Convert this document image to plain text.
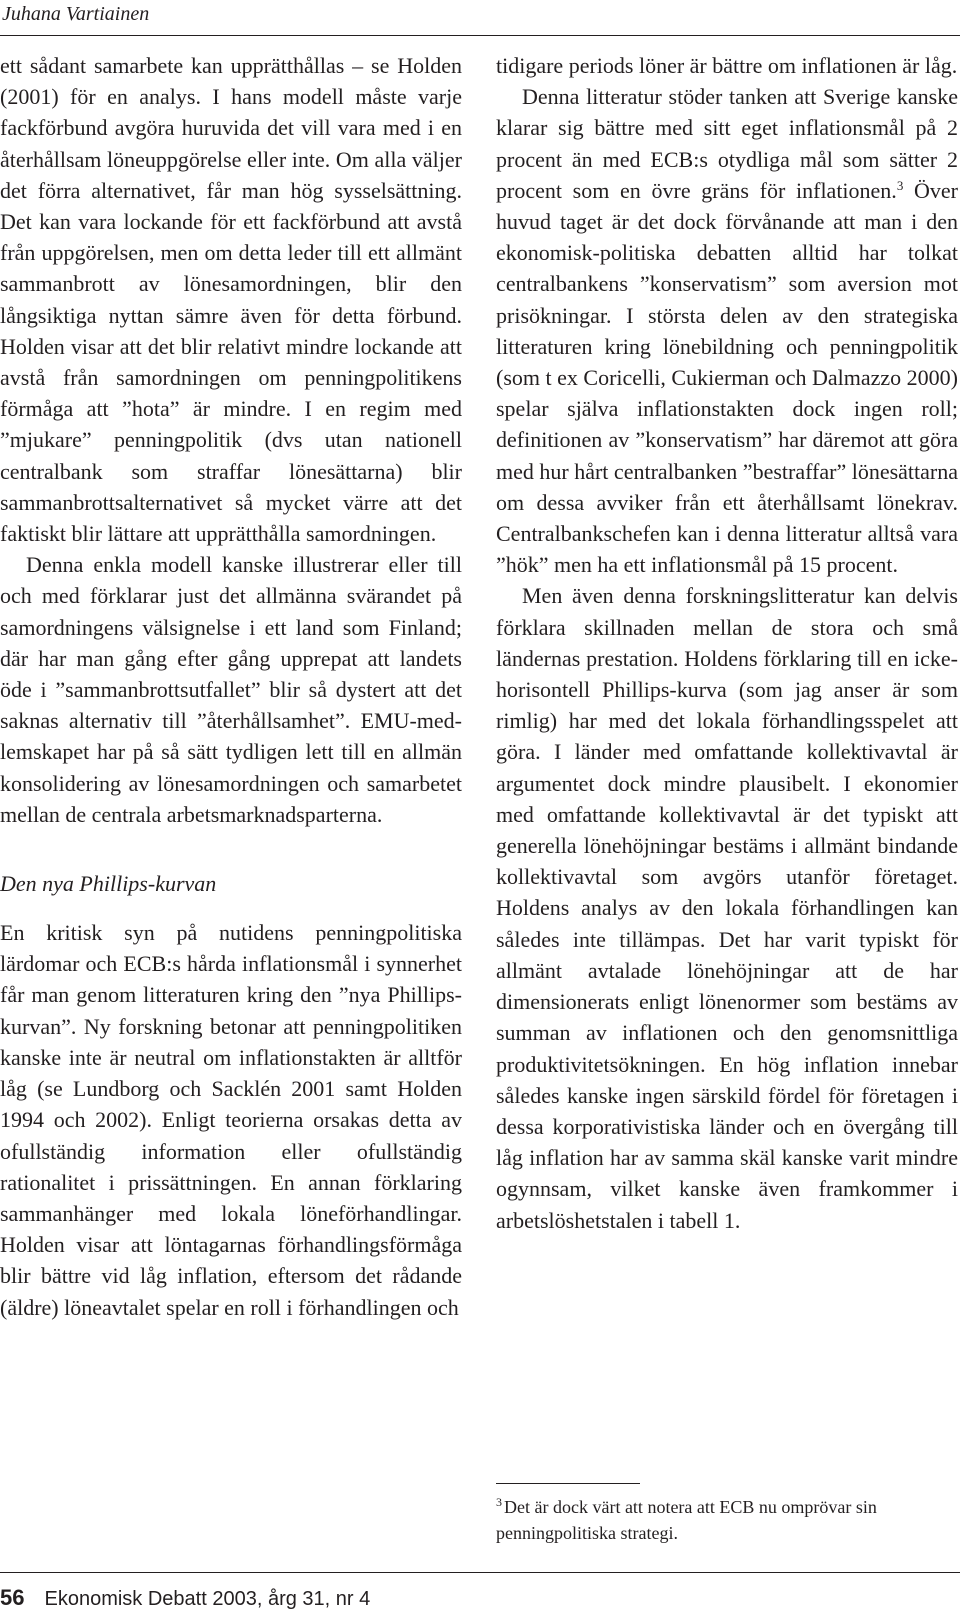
Juhana Vartiainen

ett sådant samarbete kan upprätthållas – se Holden (2001) för en analys. I hans modell måste varje fackförbund avgöra huruvida det vill vara med i en återhållsam löneuppgörelse eller inte. Om alla väljer det förra alternativet, får man hög sysselsättning. Det kan vara lockande för ett fackförbund att avstå från uppgörelsen, men om detta leder till ett allmänt sammanbrott av lönesamordningen, blir den långsiktiga nyttan sämre även för detta förbund. Holden visar att det blir relativt mindre lockande att avstå från samordningen om penningpolitikens förmåga att ”hota” är mindre. I en regim med ”mjukare” penningpolitik (dvs utan nationell centralbank som straffar lönesättarna) blir sammanbrottsalternativet så mycket värre att det faktiskt blir lättare att upprätthålla samordningen.

Denna enkla modell kanske illustrerar eller till och med förklarar just det allmänna svärandet på samordningens välsignelse i ett land som Finland; där har man gång efter gång upprepat att landets öde i ”sammanbrottsutfallet” blir så dystert att det saknas alternativ till ”återhållsamhet”. EMU-medlemskapet har på så sätt tydligen lett till en allmän konsolidering av lönesamordningen och samarbetet mellan de centrala arbetsmarknadsparterna.

Den nya Phillips-kurvan

En kritisk syn på nutidens penningpolitiska lärdomar och ECB:s hårda inflationsmål i synnerhet får man genom litteraturen kring den ”nya Phillips-kurvan”. Ny forskning betonar att penningpolitiken kanske inte är neutral om inflationstakten är alltför låg (se Lundborg och Sacklén 2001 samt Holden 1994 och 2002). Enligt teorierna orsakas detta av ofullständig information eller ofullständig rationalitet i prissättningen. En annan förklaring sammanhänger med lokala löneförhandlingar. Holden visar att löntagarnas förhandlingsförmåga blir bättre vid låg inflation, eftersom det rådande (äldre) löneavtalet spelar en roll i förhandlingen och

tidigare periods löner är bättre om inflationen är låg.

Denna litteratur stöder tanken att Sverige kanske klarar sig bättre med sitt eget inflationsmål på 2 procent än med ECB:s otydliga mål som sätter 2 procent som en övre gräns för inflationen.$^3$ Över huvud taget är det dock förvånande att man i den ekonomisk-politiska debatten alltid har tolkat centralbankens ”konservatism” som aversion mot prisökningar. I största delen av den strategiska litteraturen kring lönebildning och penningpolitik (som t ex Coricelli, Cukierman och Dalmazzo 2000) spelar själva inflationstakten dock ingen roll; definitionen av ”konservatism” har däremot att göra med hur hårt centralbanken ”bestraffar” lönesättarna om dessa avviker från ett återhållsamt lönekrav. Centralbankschefen kan i denna litteratur alltså vara ”hök” men ha ett inflationsmål på 15 procent.

Men även denna forskningslitteratur kan delvis förklara skillnaden mellan de stora och små ländernas prestation. Holdens förklaring till en icke-horisontell Phillips-kurva (som jag anser är som rimlig) har med det lokala förhandlingsspelet att göra. I länder med omfattande kollektivavtal är argumentet dock mindre plausibelt. I ekonomier med omfattande kollektivavtal är det typiskt att generella lönehöjningar bestäms i allmänt bindande kollektivavtal som avgörs utanför företaget. Holdens analys av den lokala förhandlingen kan således inte tillämpas. Det har varit typiskt för allmänt avtalade lönehöjningar att de har dimensionerats enligt lönenormer som bestäms av summan av inflationen och den genomsnittliga produktivitetsökningen. En hög inflation innebar således kanske ingen särskild fördel för företagen i dessa korporativistiska länder och en övergång till låg inflation har av samma skäl kanske varit mindre ogynnsam, vilket kanske även framkommer i arbetslöshetstalen i tabell 1.

$^3$ Det är dock värt att notera att ECB nu omprövar sin penningpolitiska strategi.
56 Ekonomisk Debatt 2003, årg 31, nr 4
